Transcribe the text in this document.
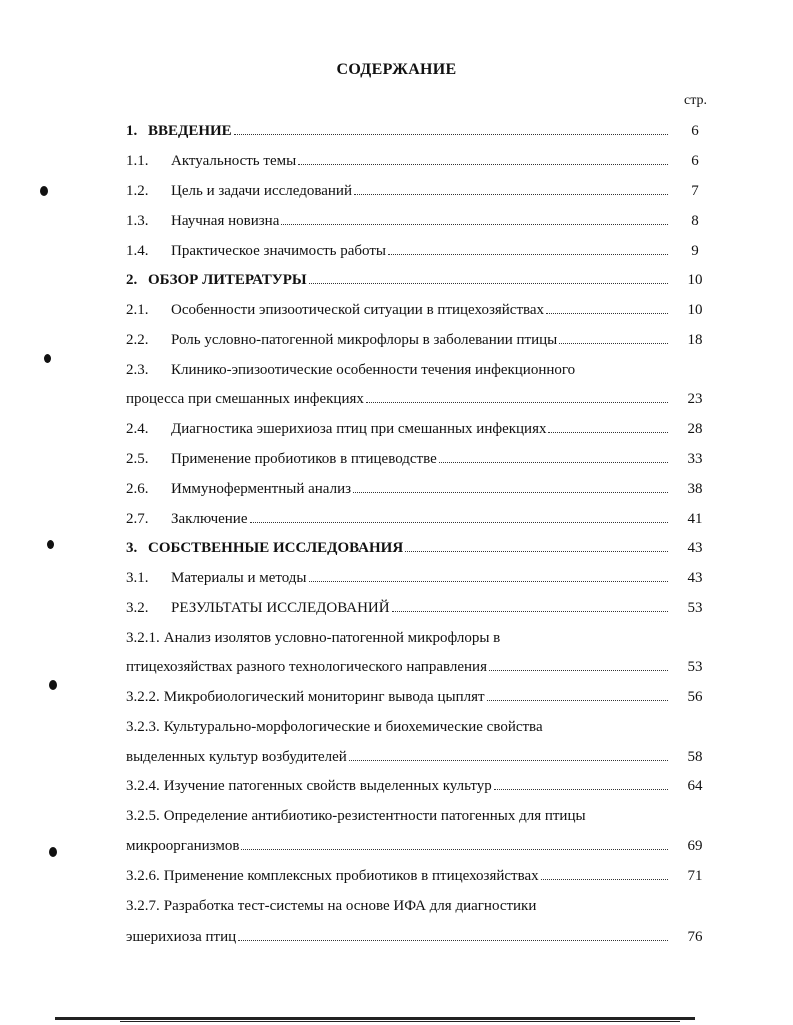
СОДЕРЖАНИЕ
стр.
1. ВВЕДЕНИЕ	6
1.1.	Актуальность темы	6
1.2.	Цель и задачи исследований	7
1.3.	Научная новизна	8
1.4.	Практическое значимость работы	9
2. ОБЗОР ЛИТЕРАТУРЫ	10
2.1.	Особенности эпизоотической ситуации в птицехозяйствах	10
2.2.	Роль условно-патогенной микрофлоры в заболевании птицы	18
2.3.	Клинико-эпизоотические особенности течения инфекционного
процесса при смешанных инфекциях	23
2.4.	Диагностика эшерихиоза птиц при смешанных инфекциях	28
2.5.	Применение пробиотиков в птицеводстве	33
2.6.	Иммуноферментный анализ	38
2.7.	Заключение	41
3. СОБСТВЕННЫЕ ИССЛЕДОВАНИЯ	43
3.1.	Материалы и методы	43
3.2.	РЕЗУЛЬТАТЫ ИССЛЕДОВАНИЙ	53
3.2.1. Анализ изолятов условно-патогенной микрофлоры в
птицехозяйствах разного технологического направления	53
3.2.2. Микробиологический мониторинг вывода цыплят	56
3.2.3. Культурально-морфологические и биохемические свойства
выделенных культур возбудителей	58
3.2.4. Изучение патогенных свойств выделенных культур	64
3.2.5. Определение антибиотико-резистентности патогенных для птицы
микроорганизмов	69
3.2.6. Применение комплексных пробиотиков в птицехозяйствах	71
3.2.7. Разработка тест-системы на основе ИФА для диагностики
эшерихиоза птиц	76
